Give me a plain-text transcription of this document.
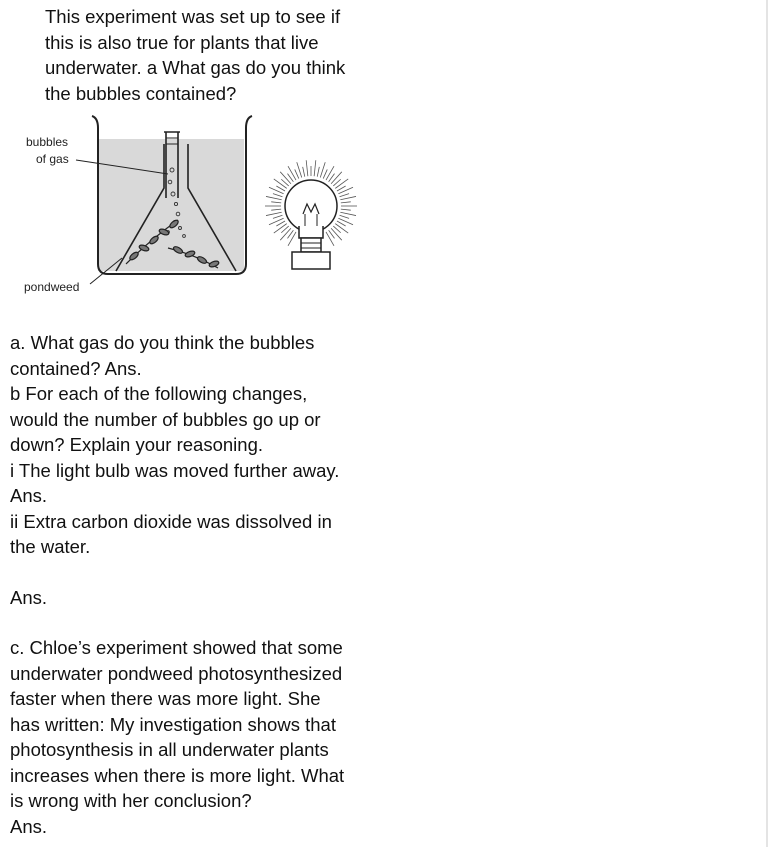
This experiment was set up to see if
this is also true for plants that live
underwater. a What gas do you think
the bubbles contained?
bubbles
of gas
pondweed
a. What gas do you think the bubbles
contained? Ans.
b For each of the following changes,
would the number of bubbles go up or
down? Explain your reasoning.
i The light bulb was moved further away.
Ans.
ii Extra carbon dioxide was dissolved in
the water.
Ans.
c. Chloe’s experiment showed that some
underwater pondweed photosynthesized
faster when there was more light. She
has written: My investigation shows that
photosynthesis in all underwater plants
increases when there is more light. What
is wrong with her conclusion?
Ans.
